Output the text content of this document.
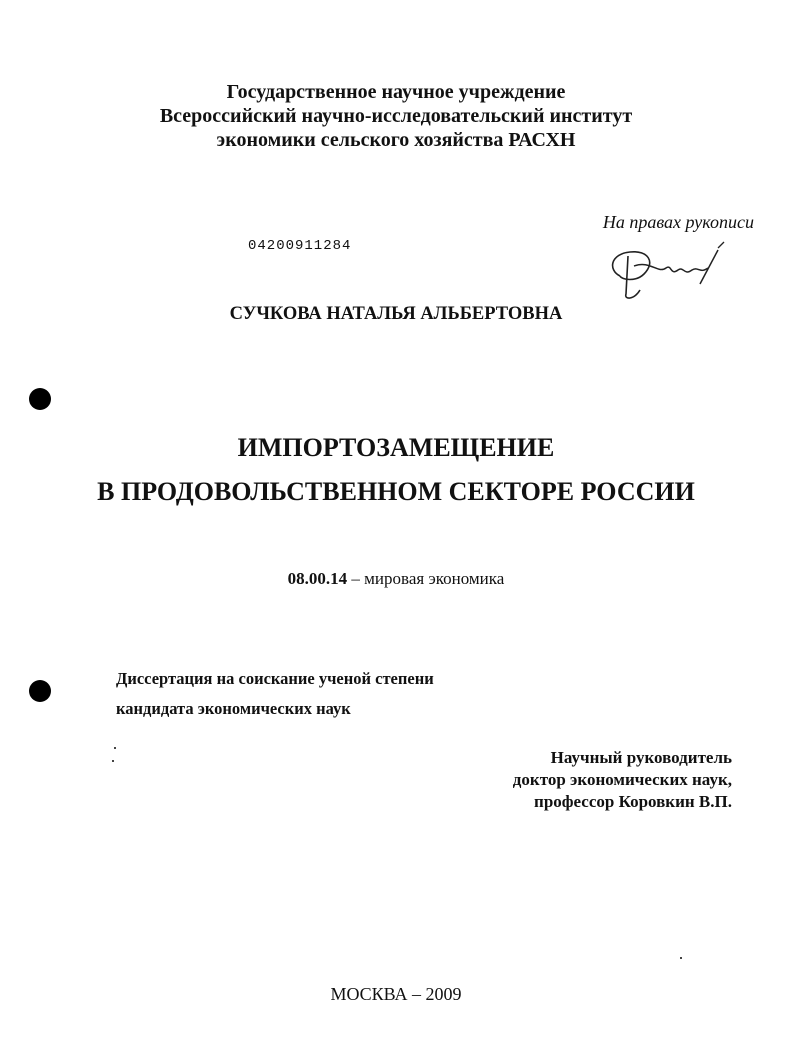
Государственное научное учреждение
Всероссийский научно-исследовательский институт
экономики сельского хозяйства РАСХН
На правах рукописи
04200911284
СУЧКОВА НАТАЛЬЯ АЛЬБЕРТОВНА
ИМПОРТОЗАМЕЩЕНИЕ
В ПРОДОВОЛЬСТВЕННОМ СЕКТОРЕ РОССИИ
08.00.14 – мировая экономика
Диссертация на соискание ученой степени
кандидата экономических наук
Научный руководитель
доктор экономических наук,
профессор Коровкин В.П.
МОСКВА – 2009
